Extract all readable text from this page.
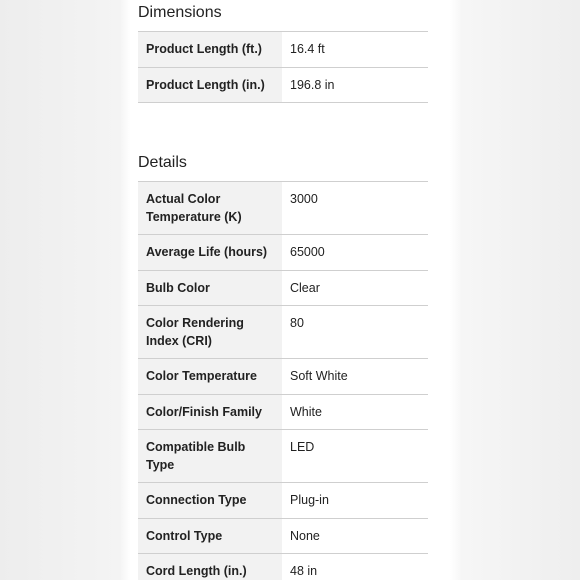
Dimensions
Product Length (ft.)	16.4 ft
Product Length (in.)	196.8 in
Details
Actual Color Temperature (K)	3000
Average Life (hours)	65000
Bulb Color	Clear
Color Rendering Index (CRI)	80
Color Temperature	Soft White
Color/Finish Family	White
Compatible Bulb Type	LED
Connection Type	Plug-in
Control Type	None
Cord Length (in.)	48 in
